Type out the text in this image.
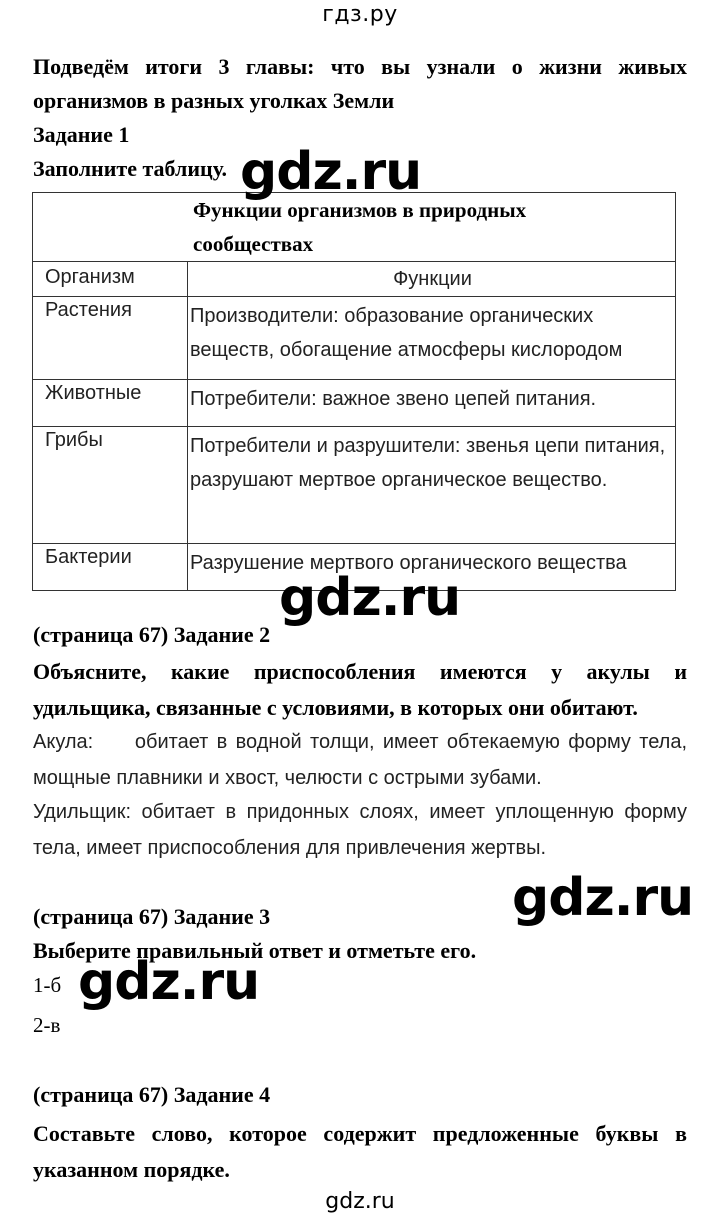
гдз.ру

Подведём итоги 3 главы: что вы узнали о жизни живых организмов в разных уголках Земли

Задание 1

Заполните таблицу.

(страница 67) Задание 2

Объясните, какие приспособления имеются у акулы и удильщика, связанные с условиями, в которых они обитают.

Акула:     обитает в водной толщи, имеет обтекаемую форму тела, мощные плавники и хвост, челюсти с острыми зубами.

Удильщик: обитает в придонных слоях, имеет уплощенную форму тела, имеет приспособления для привлечения жертвы.

(страница 67) Задание 3

Выберите правильный ответ и отметьте его.

1-б

2-в

(страница 67) Задание 4

Составьте слово, которое содержит предложенные буквы в указанном порядке.

Функции организмов в природных
сообществах	

Организм	Функции
Растения	Производители: образование органических веществ, обогащение атмосферы кислородом
Животные	Потребители: важное звено цепей питания.
Грибы	Потребители и разрушители: звенья цепи питания, разрушают мертвое органическое вещество.
Бактерии	Разрушение мертвого органического вещества
gdz.ru
gdz.ru
gdz.ru
gdz.ru
gdz.ru
